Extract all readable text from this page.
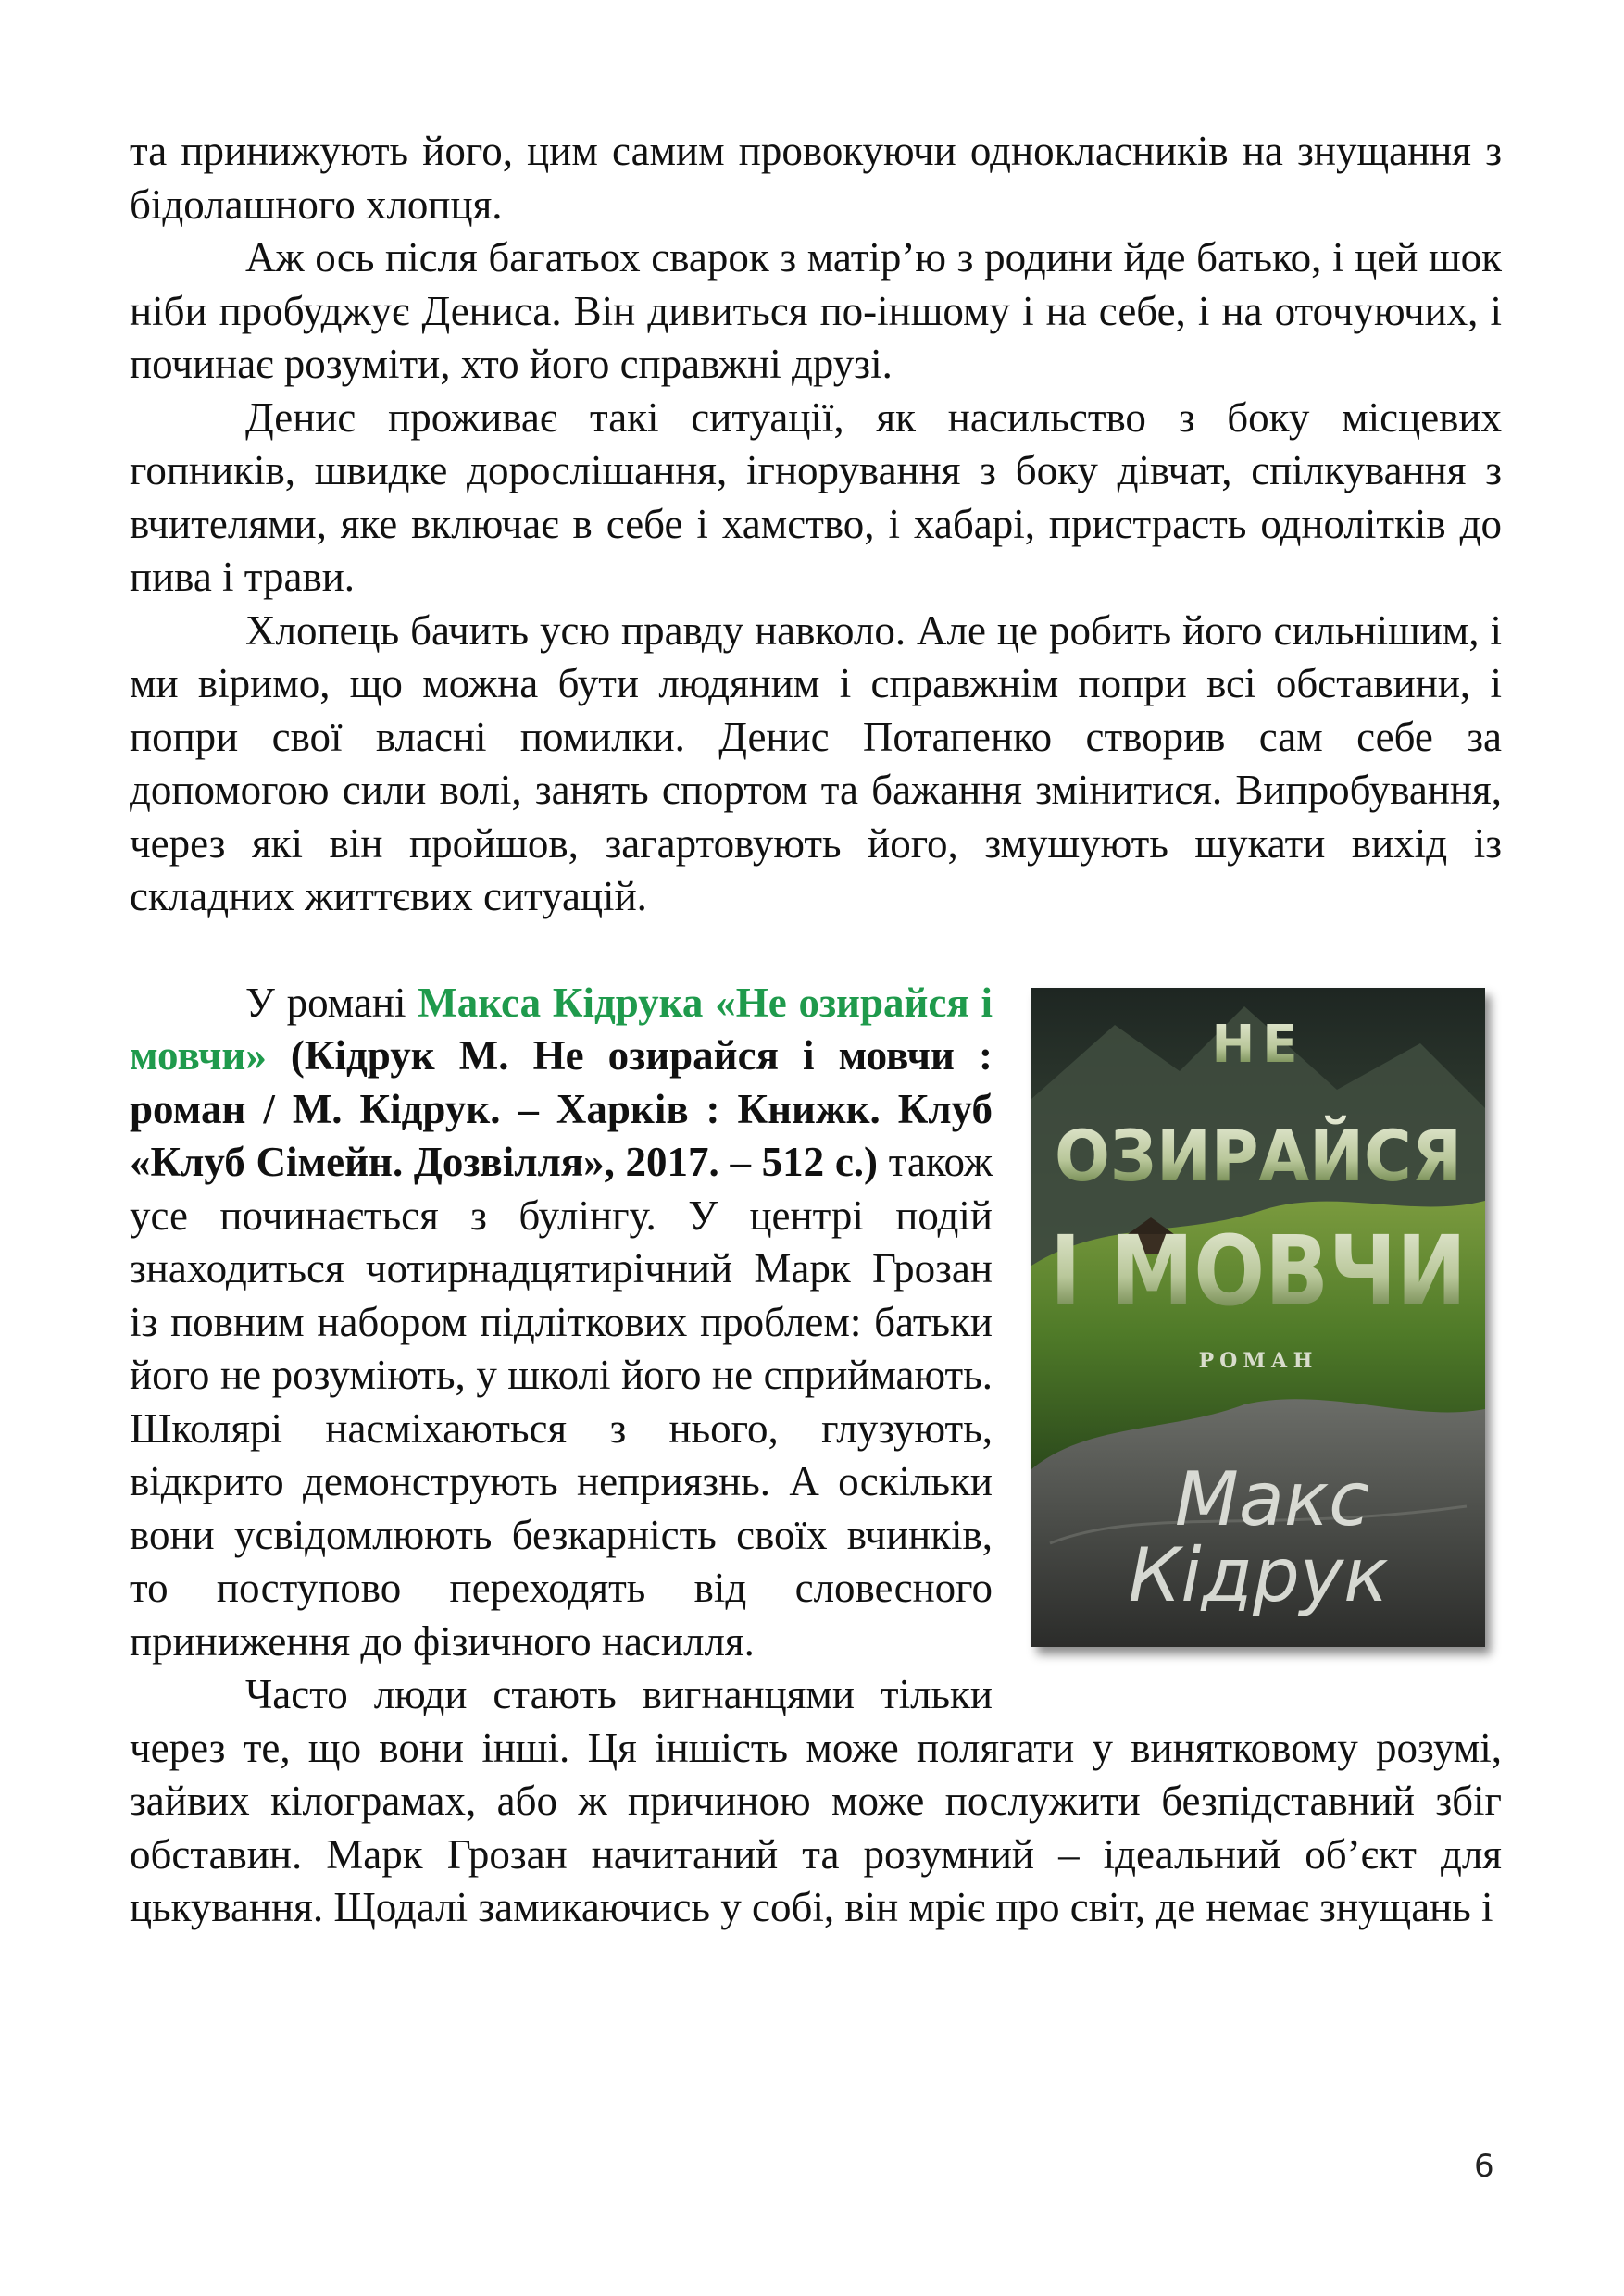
та принижують його, цим самим провокуючи однокласників на знущання з бідолашного хлопця.

Аж ось після багатьох сварок з матір’ю з родини йде батько, і цей шок ніби пробуджує Дениса. Він дивиться по-іншому і на себе, і на оточуючих, і починає розуміти, хто його справжні друзі.

Денис проживає такі ситуації, як насильство з боку місцевих гопників, швидке дорослішання, ігнорування з боку дівчат, спілкування з вчителями, яке включає в себе і хамство, і хабарі, пристрасть однолітків до пива і трави.

Хлопець бачить усю правду навколо. Але це робить його сильнішим, і ми віримо, що можна бути людяним і справжнім попри всі обставини, і попри свої власні помилки. Денис Потапенко створив сам себе за допомогою сили волі, занять спортом та бажання змінитися. Випробування, через які він пройшов, загартовують його, змушують шукати вихід із складних життєвих ситуацій.

НЕ
ОЗИРАЙСЯ
І МОВЧИ
РОМАН
Макс
Кідрук

У романі Макса Кідрука «Не озирайся і мовчи» (Кідрук М. Не озирайся і мовчи : роман / М. Кідрук. – Харків : Книжк. Клуб «Клуб Сімейн. Дозвілля», 2017. – 512 с.) також усе починається з булінгу. У центрі подій знаходиться чотирнадцятирічний Марк Грозан із повним набором підліткових проблем: батьки його не розуміють, у школі його не сприймають. Школярі насміхаються з нього, глузують, відкрито демонструють неприязнь. А оскільки вони усвідомлюють безкарність своїх вчинків, то поступово переходять від словесного приниження до фізичного насилля.

Часто люди стають вигнанцями тільки через те, що вони інші. Ця іншість може полягати у винятковому розумі, зайвих кілограмах, або ж причиною може послужити безпідставний збіг обставин. Марк Грозан начитаний та розумний – ідеальний об’єкт для цькування. Щодалі замикаючись у собі, він мріє про світ, де немає знущань і

6
